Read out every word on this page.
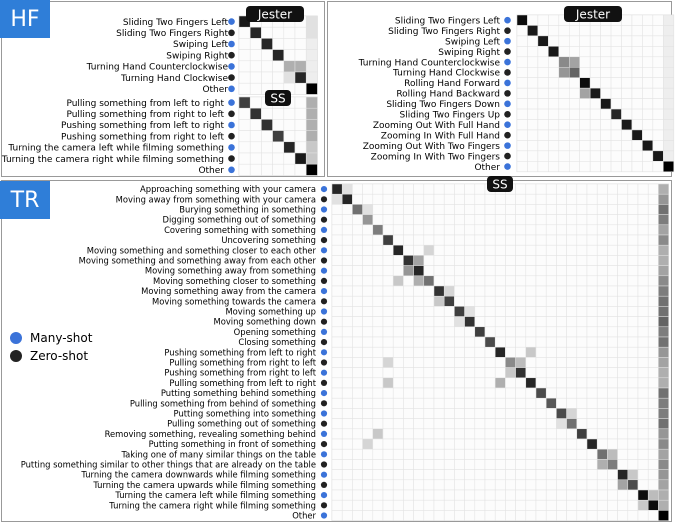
HF
TR
Many-shot
Zero-shot
Sliding Two Fingers Left
Sliding Two Fingers Right
Swiping Left
Swiping Right
Turning Hand Counterclockwise
Turning Hand Clockwise
Other
Jester
Pulling something from left to right
Pulling something from right to left
Pushing something from left to right
Pushing something from right to left
Turning the camera left while filming something
Turning the camera right while filming something
Other
SS
Sliding Two Fingers Left
Sliding Two Fingers Right
Swiping Left
Swiping Right
Turning Hand Counterclockwise
Turning Hand Clockwise
Rolling Hand Forward
Rolling Hand Backward
Sliding Two Fingers Down
Sliding Two Fingers Up
Zooming Out With Full Hand
Zooming In With Full Hand
Zooming Out With Two Fingers
Zooming In With Two Fingers
Other
Jester
Approaching something with your camera
Moving away from something with your camera
Burying something in something
Digging something out of something
Covering something with something
Uncovering something
Moving something and something closer to each other
Moving something and something away from each other
Moving something away from something
Moving something closer to something
Moving something away from the camera
Moving something towards the camera
Moving something up
Moving something down
Opening something
Closing something
Pushing something from left to right
Pulling something from right to left
Pushing something from right to left
Pulling something from left to right
Putting something behind something
Pulling something from behind of something
Putting something into something
Pulling something out of something
Removing something, revealing something behind
Putting something in front of something
Taking one of many similar things on the table
Putting something similar to other things that are already on the table
Turning the camera downwards while filming something
Turning the camera upwards while filming something
Turning the camera left while filming something
Turning the camera right while filming something
Other
SS
